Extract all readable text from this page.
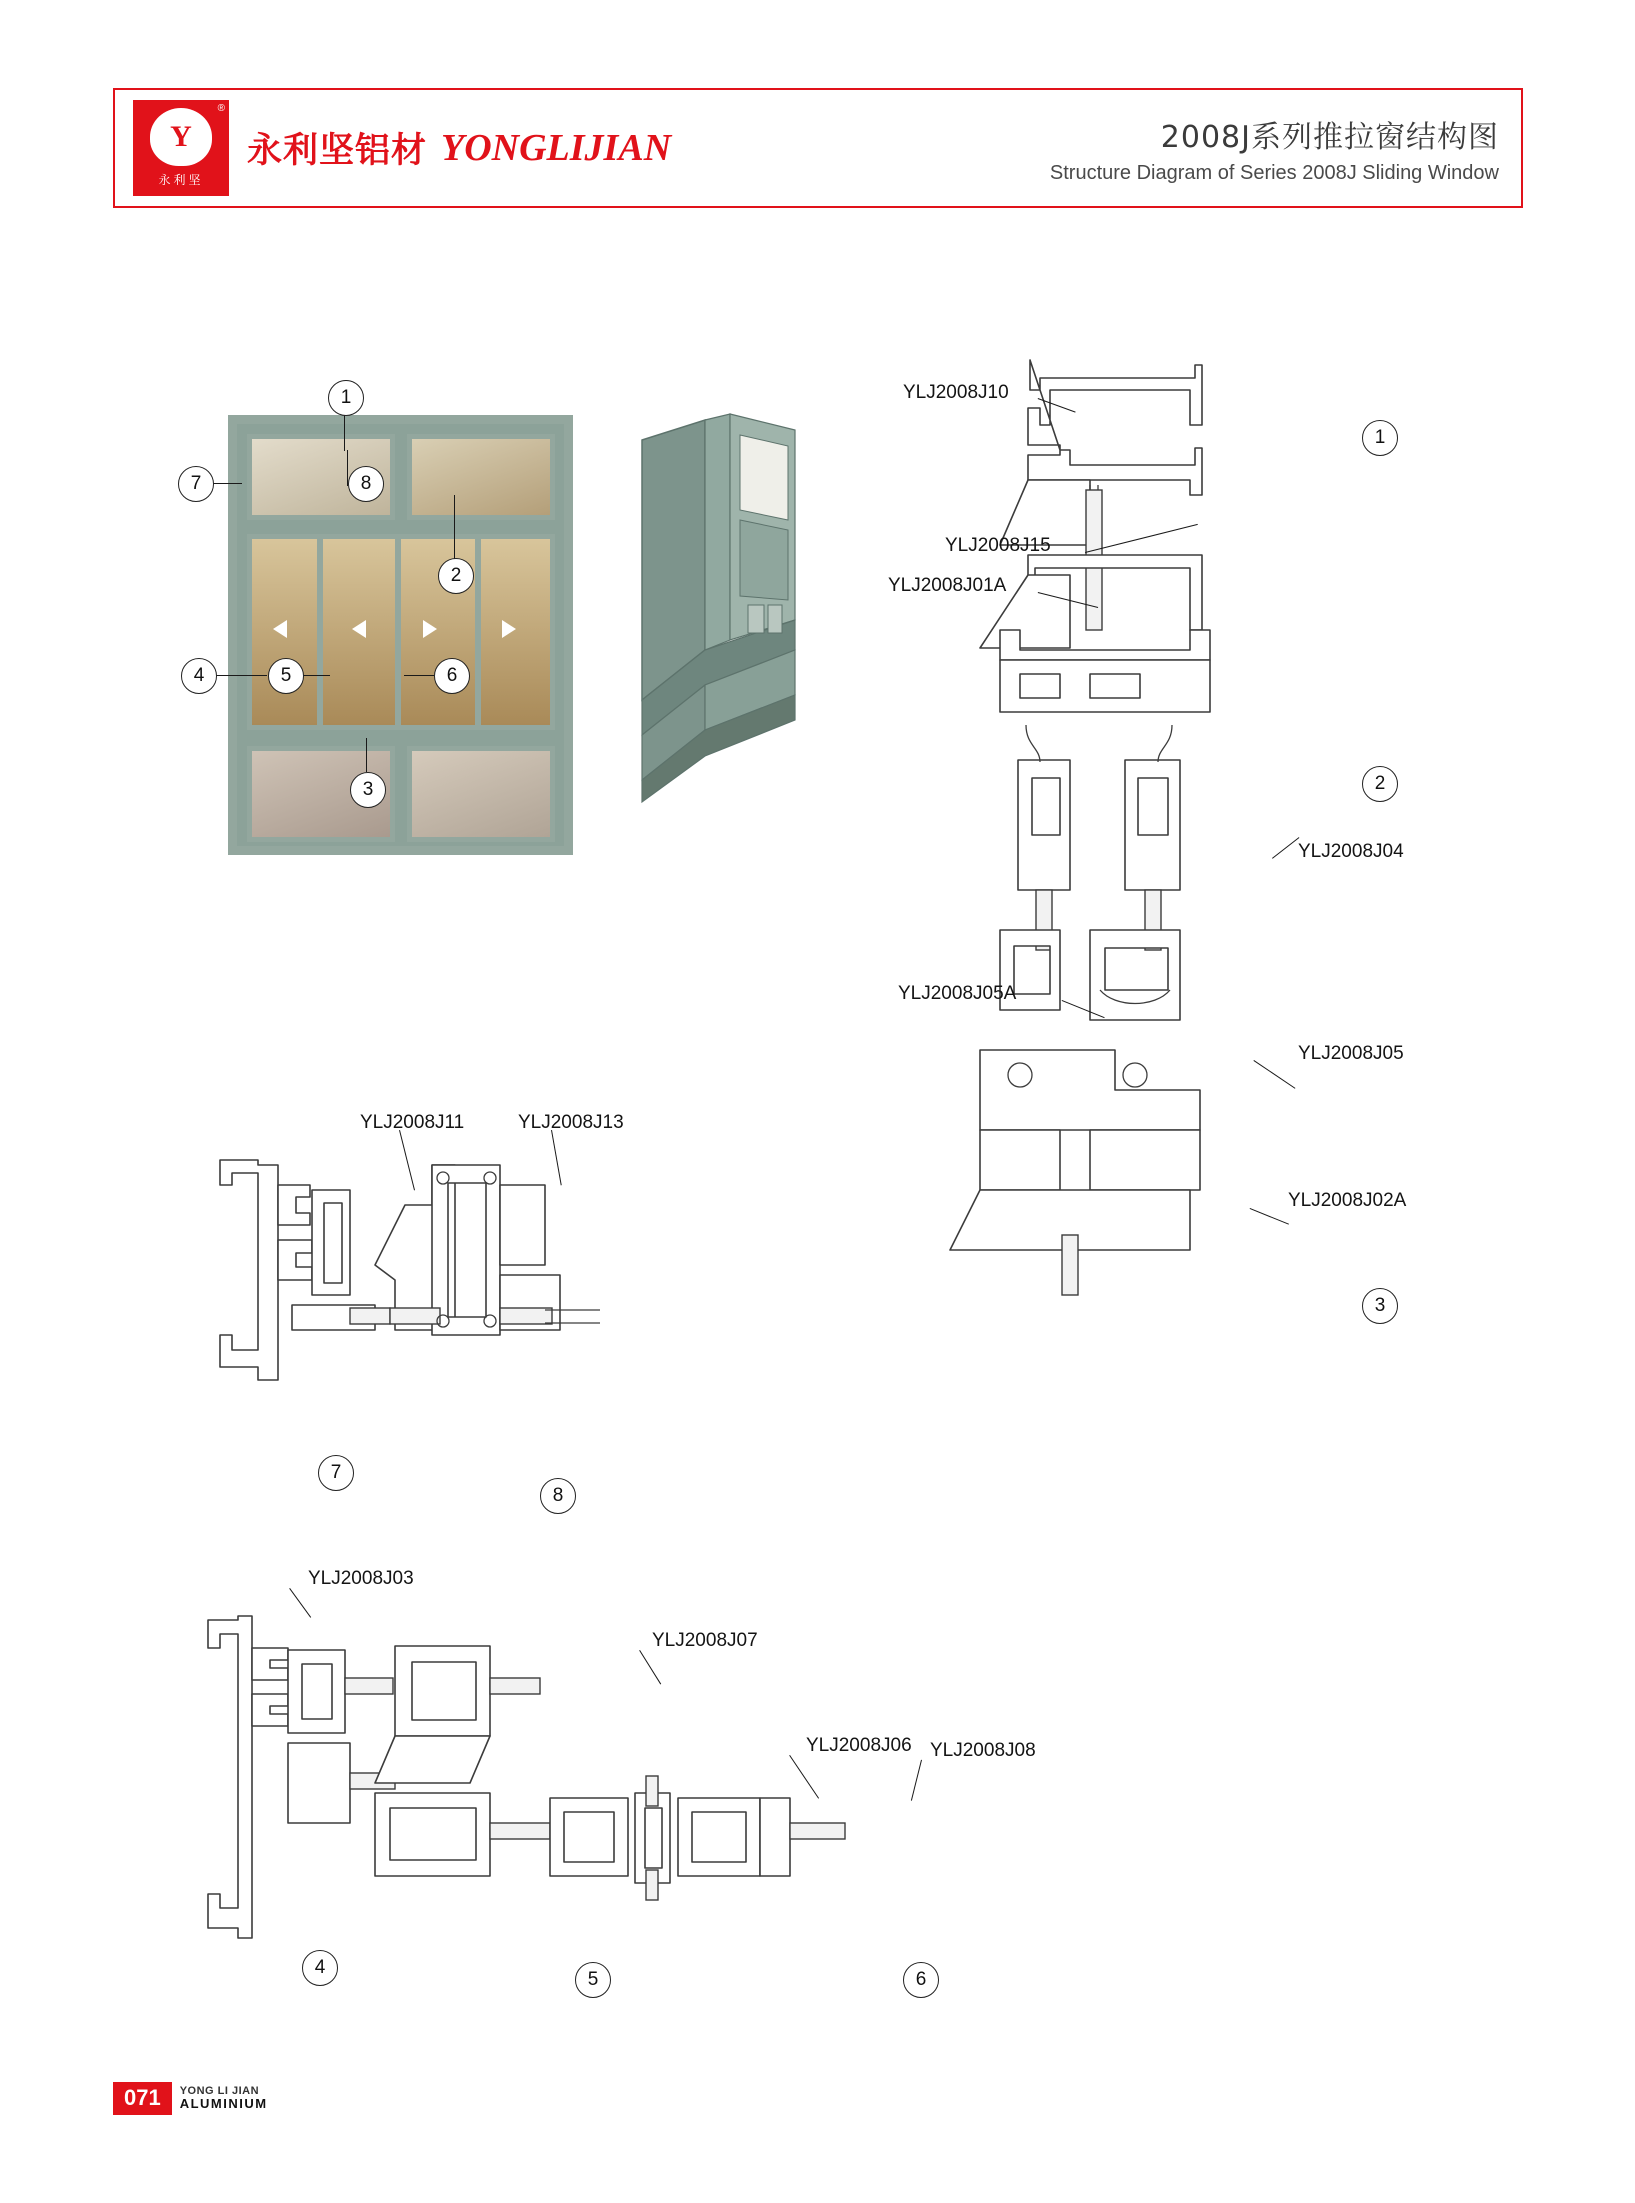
®
Y
永利坚
永利坚铝材 YONGLIJIAN	2008J系列推拉窗结构图
Structure Diagram of Series 2008J Sliding Window
1
7	8
2
4	5	6
3
YLJ2008J10
1
YLJ2008J15
YLJ2008J01A
2
YLJ2008J04
YLJ2008J05A
YLJ2008J05
YLJ2008J02A
3
YLJ2008J11	YLJ2008J13
7
8
YLJ2008J03
YLJ2008J07
YLJ2008J06 YLJ2008J08
4
5	6
071	YONG LI JIAN
ALUMINIUM
